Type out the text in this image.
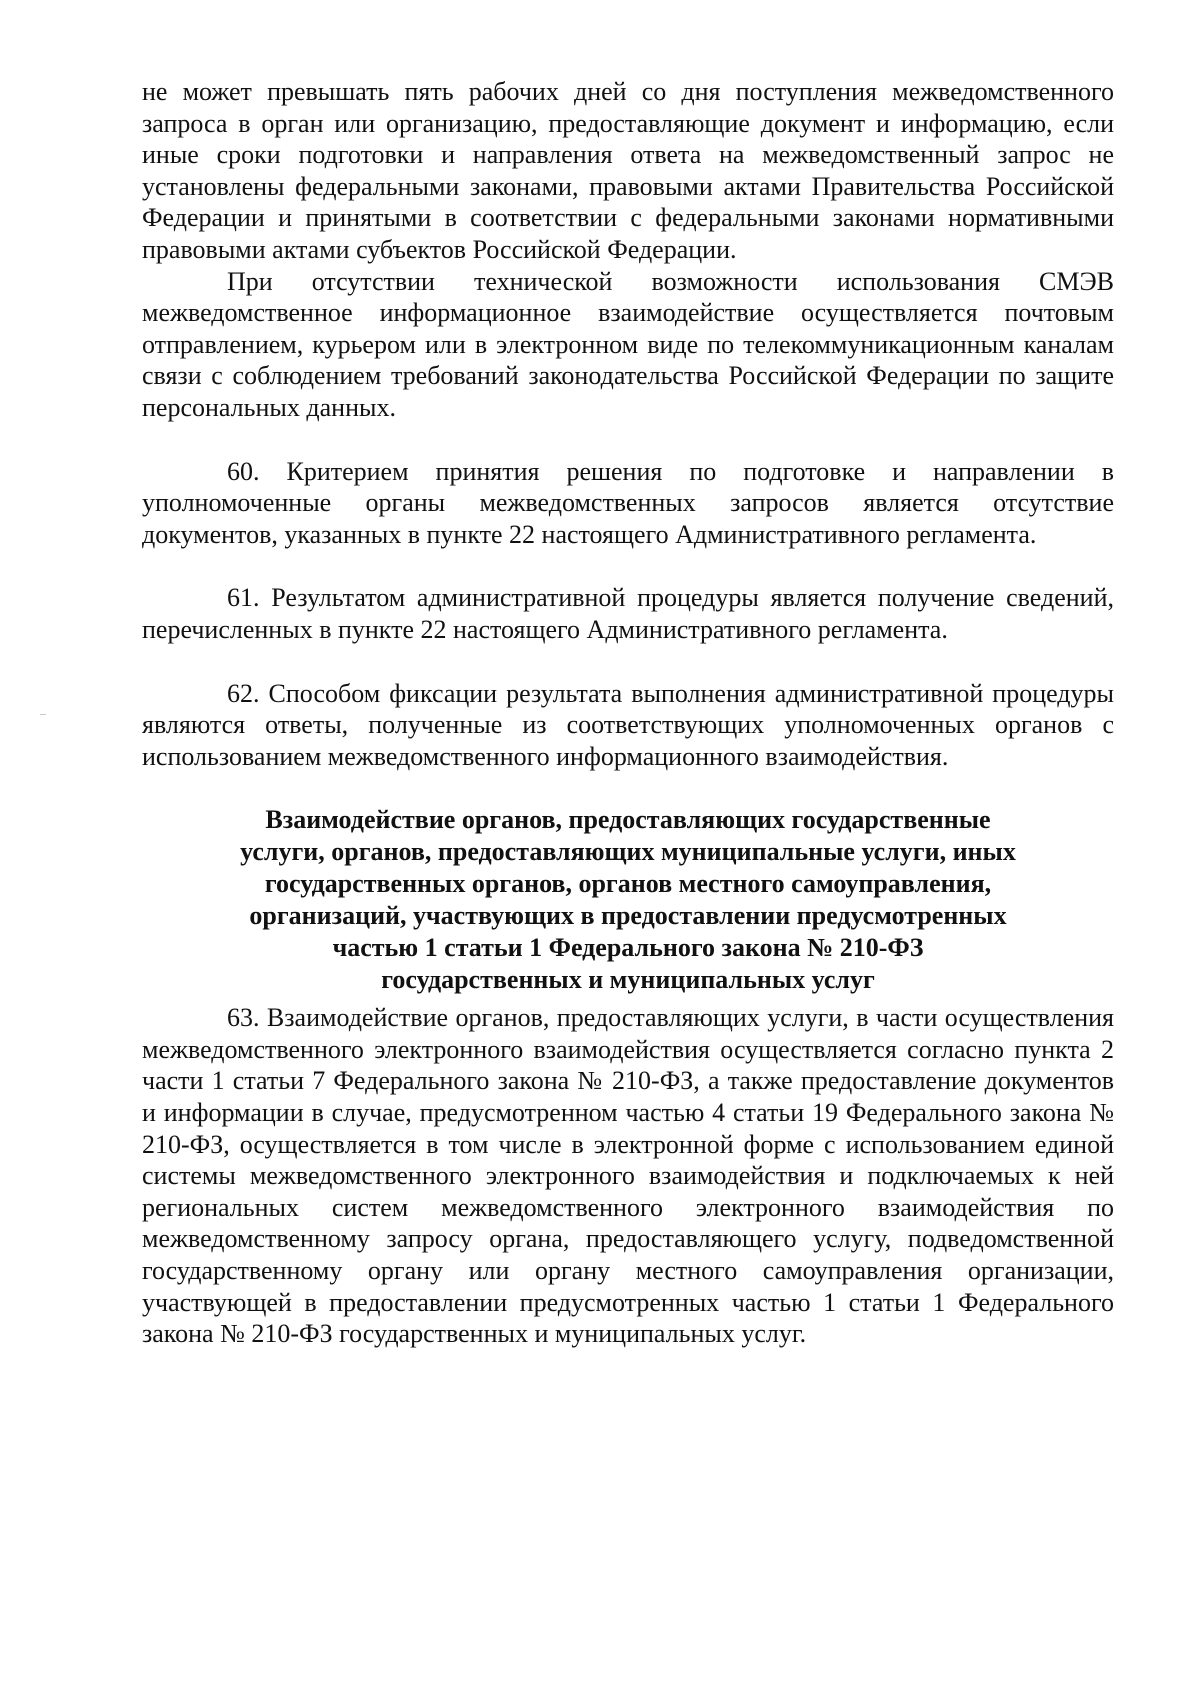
не может превышать пять рабочих дней со дня поступления межведомственного запроса в орган или организацию, предоставляющие документ и информацию, если иные сроки подготовки и направления ответа на межведомственный запрос не установлены федеральными законами, правовыми актами Правительства Российской Федерации и принятыми в соответствии с федеральными законами нормативными правовыми актами субъектов Российской Федерации.

При отсутствии технической возможности использования СМЭВ межведомственное информационное взаимодействие осуществляется почтовым отправлением, курьером или в электронном виде по телекоммуникационным каналам связи с соблюдением требований законодательства Российской Федерации по защите персональных данных.

60. Критерием принятия решения по подготовке и направлении в уполномоченные органы межведомственных запросов является отсутствие документов, указанных в пункте 22 настоящего Административного регламента.

61. Результатом административной процедуры является получение сведений, перечисленных в пункте 22 настоящего Административного регламента.

62. Способом фиксации результата выполнения административной процедуры являются ответы, полученные из соответствующих уполномоченных органов с использованием межведомственного информационного взаимодействия.

Взаимодействие органов, предоставляющих государственные
услуги, органов, предоставляющих муниципальные услуги, иных
государственных органов, органов местного самоуправления,
организаций, участвующих в предоставлении предусмотренных
частью 1 статьи 1 Федерального закона № 210-ФЗ
государственных и муниципальных услуг

63. Взаимодействие органов, предоставляющих услуги, в части осуществления межведомственного электронного взаимодействия осуществляется согласно пункта 2 части 1 статьи 7 Федерального закона № 210-ФЗ, а также предоставление документов и информации в случае, предусмотренном частью 4 статьи 19 Федерального закона № 210-ФЗ, осуществляется в том числе в электронной форме с использованием единой системы межведомственного электронного взаимодействия и подключаемых к ней региональных систем межведомственного электронного взаимодействия по межведомственному запросу органа, предоставляющего услугу, подведомственной государственному органу или органу местного самоуправления организации, участвующей в предоставлении предусмотренных частью 1 статьи 1 Федерального закона № 210-ФЗ государственных и муниципальных услуг.
